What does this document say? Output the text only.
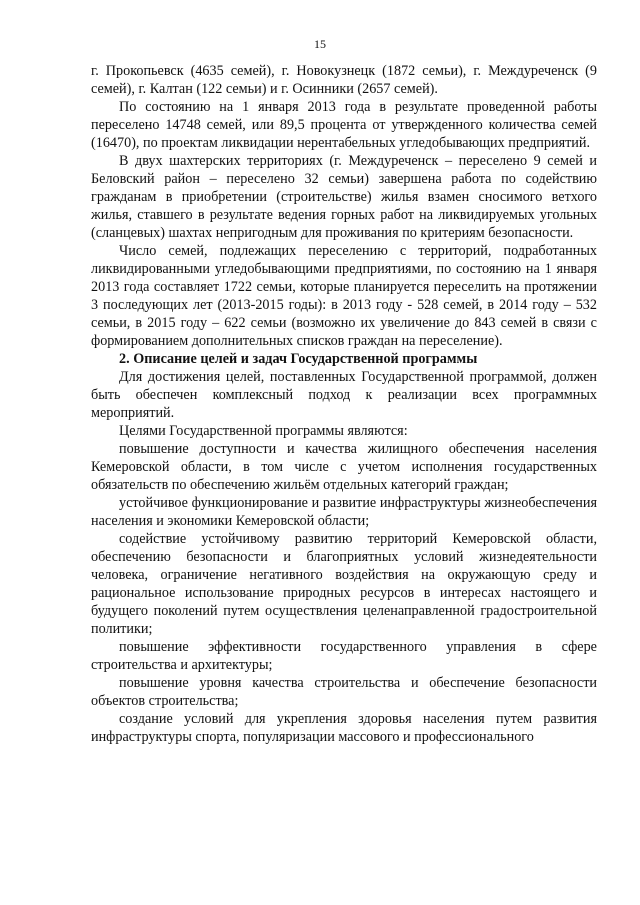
15

г. Прокопьевск (4635 семей), г. Новокузнецк (1872 семьи), г. Междуреченск (9 семей), г. Калтан (122 семьи) и г. Осинники (2657 семей).

По состоянию на 1 января 2013 года в результате проведенной работы переселено 14748 семей, или 89,5 процента от утвержденного количества семей (16470), по проектам ликвидации нерентабельных угледобывающих предприятий.

В двух шахтерских территориях (г. Междуреченск – переселено 9 семей и Беловский район – переселено 32 семьи) завершена работа по содействию гражданам в приобретении (строительстве) жилья взамен сносимого ветхого жилья, ставшего в результате ведения горных работ на ликвидируемых угольных (сланцевых) шахтах непригодным для проживания по критериям безопасности.

Число семей, подлежащих переселению с территорий, подработанных ликвидированными угледобывающими предприятиями, по состоянию на 1 января 2013 года составляет 1722 семьи, которые планируется переселить на протяжении 3 последующих лет (2013-2015 годы): в 2013 году - 528 семей, в 2014 году – 532 семьи, в 2015 году – 622 семьи (возможно их увеличение до 843 семей в связи с формированием дополнительных списков граждан на переселение).

2. Описание целей и задач Государственной программы

Для достижения целей, поставленных Государственной программой, должен быть обеспечен комплексный подход к реализации всех программных мероприятий.

Целями Государственной программы являются:

повышение доступности и качества жилищного обеспечения населения Кемеровской области, в том числе с учетом исполнения государственных обязательств по обеспечению жильём отдельных категорий граждан;

устойчивое функционирование и развитие инфраструктуры жизнеобеспечения населения и экономики Кемеровской области;

содействие устойчивому развитию территорий Кемеровской области, обеспечению безопасности и благоприятных условий жизнедеятельности человека, ограничение негативного воздействия на окружающую среду и рациональное использование природных ресурсов в интересах настоящего и будущего поколений путем осуществления целенаправленной градостроительной политики;

повышение эффективности государственного управления в сфере строительства и архитектуры;

повышение уровня качества строительства и обеспечение безопасности объектов строительства;

создание условий для укрепления здоровья населения путем развития инфраструктуры спорта, популяризации массового и профессионального
